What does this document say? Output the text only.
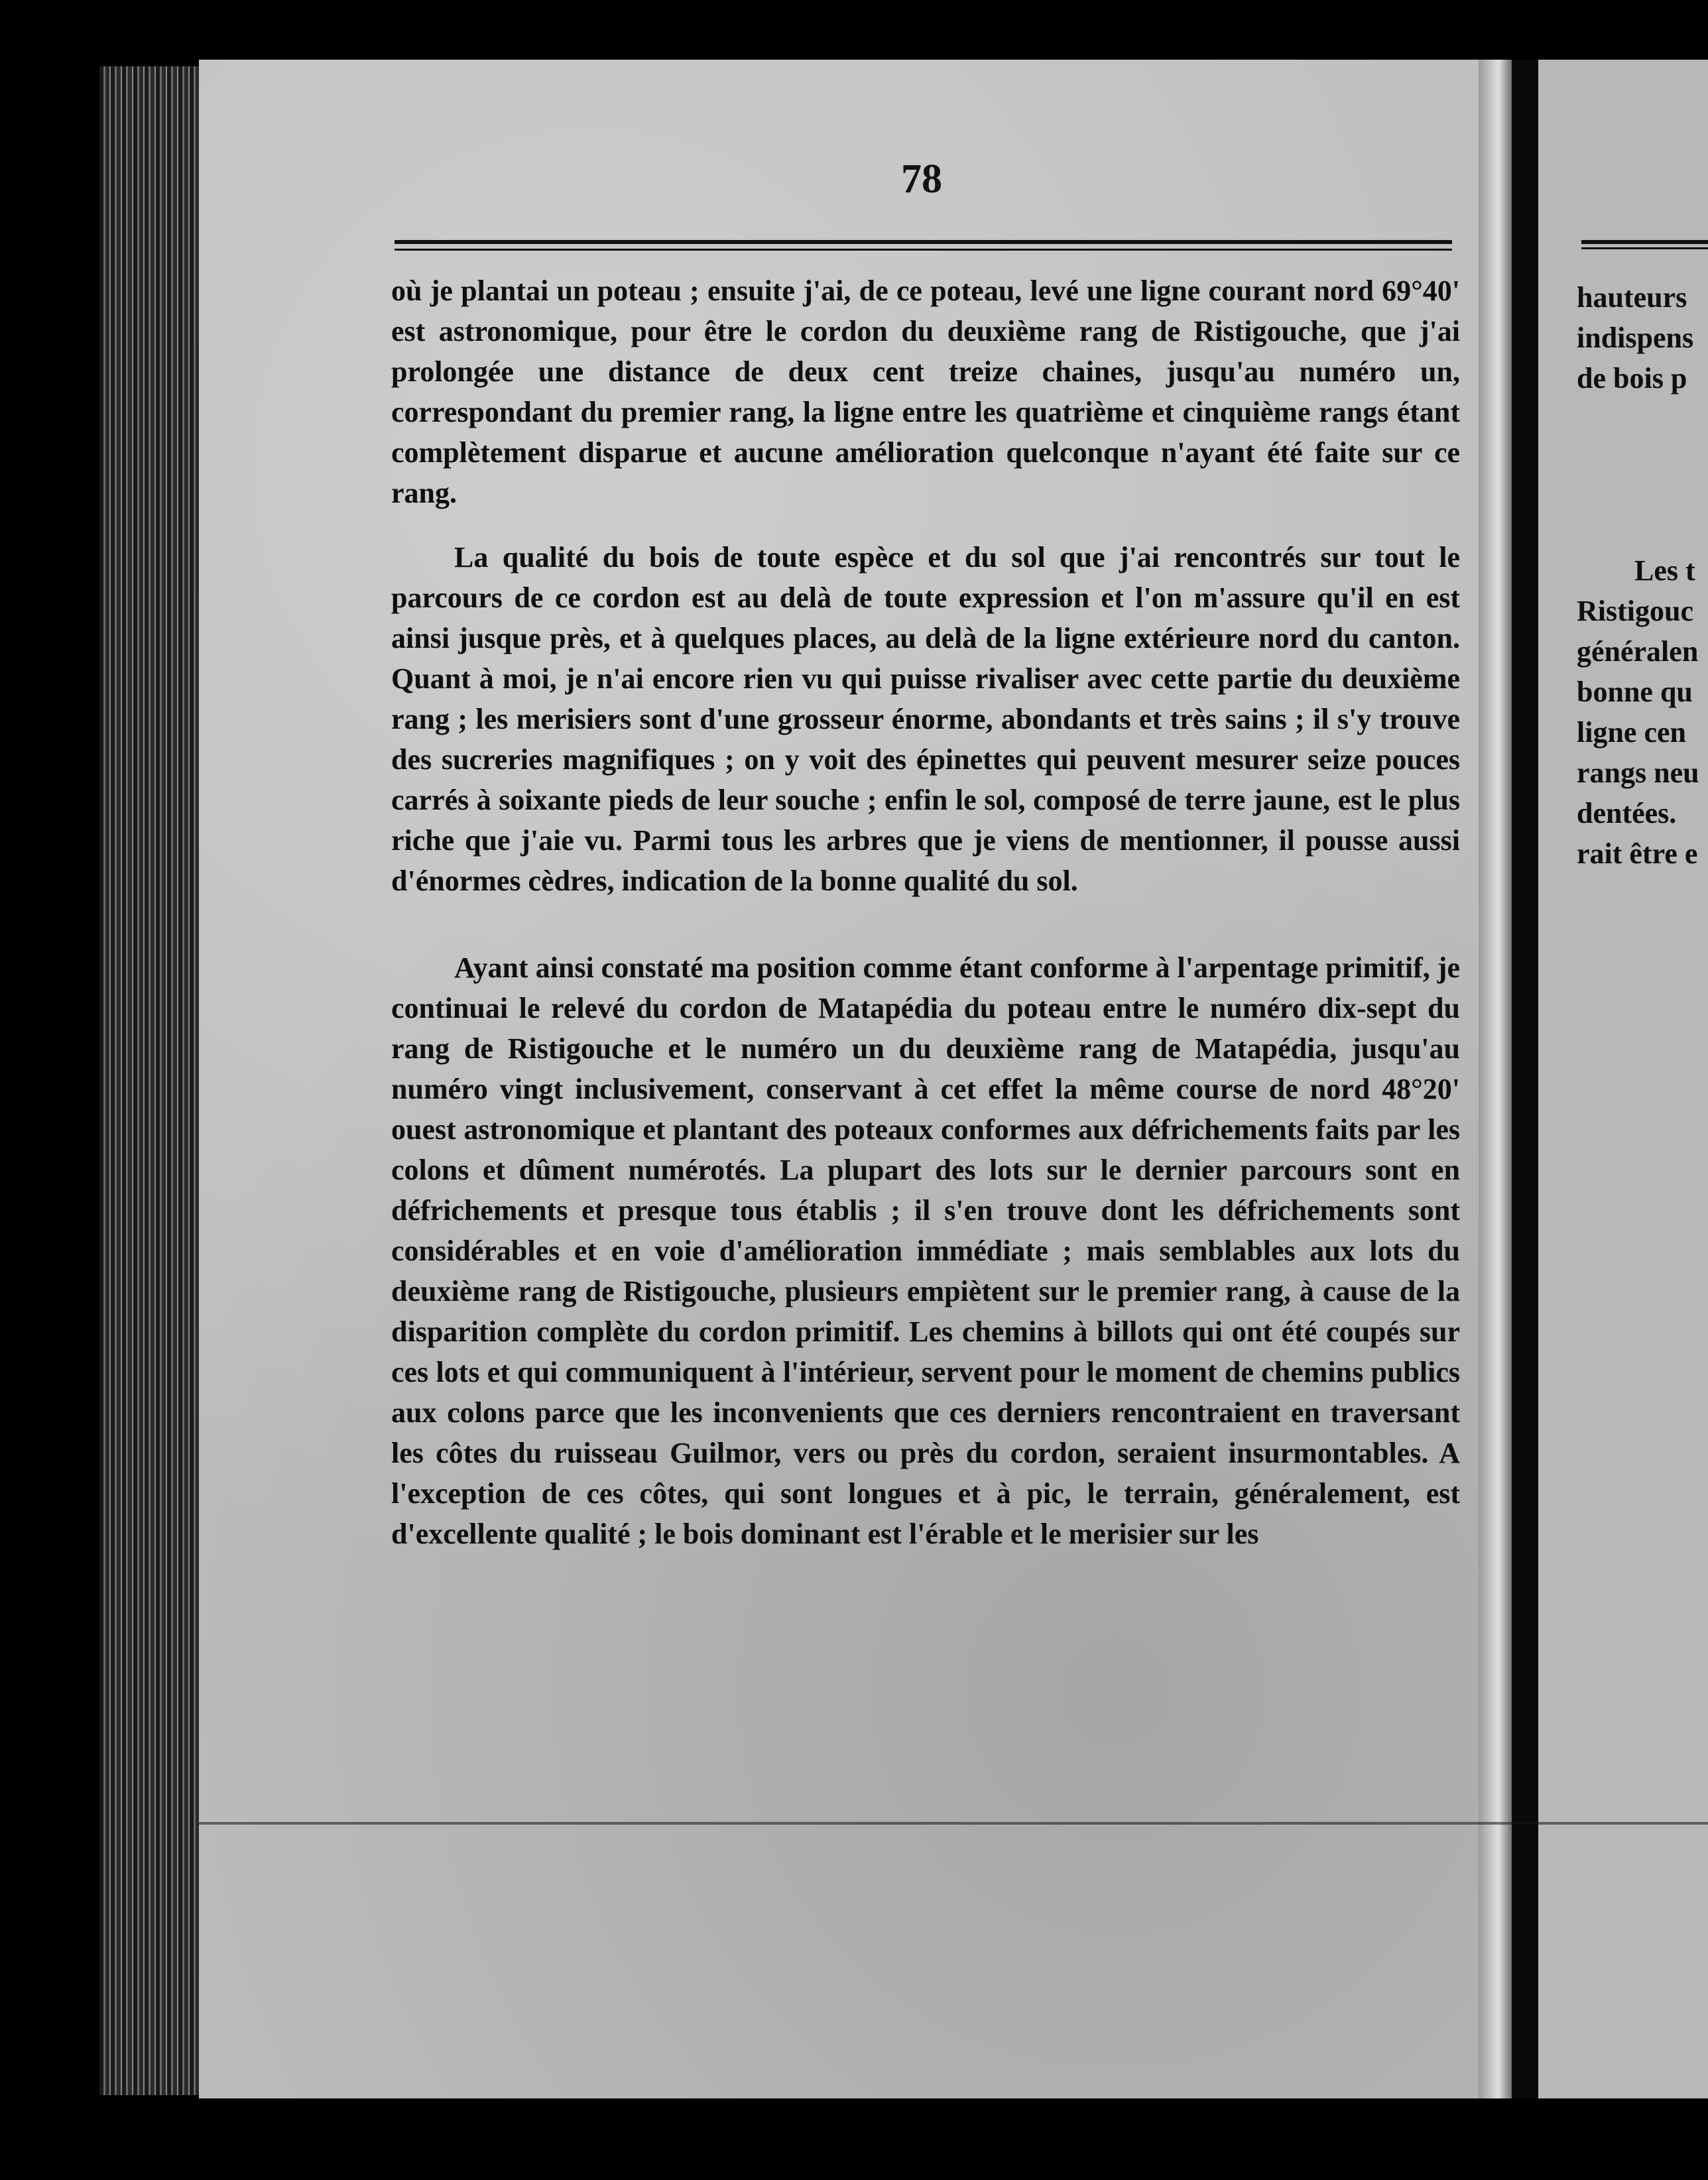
78

où je plantai un poteau ; ensuite j'ai, de ce poteau, levé une ligne courant nord 69°40' est astronomique, pour être le cordon du deuxième rang de Ristigouche, que j'ai prolongée une distance de deux cent treize chaines, jusqu'au numéro un, correspondant du premier rang, la ligne entre les quatrième et cinquième rangs étant complètement disparue et aucune amélioration quelconque n'ayant été faite sur ce rang.

La qualité du bois de toute espèce et du sol que j'ai rencontrés sur tout le parcours de ce cordon est au delà de toute expression et l'on m'assure qu'il en est ainsi jusque près, et à quelques places, au delà de la ligne extérieure nord du canton. Quant à moi, je n'ai encore rien vu qui puisse rivaliser avec cette partie du deuxième rang ; les merisiers sont d'une grosseur énorme, abondants et très sains ; il s'y trouve des sucreries magnifiques ; on y voit des épinettes qui peuvent mesurer seize pouces carrés à soixante pieds de leur souche ; enfin le sol, composé de terre jaune, est le plus riche que j'aie vu. Parmi tous les arbres que je viens de mentionner, il pousse aussi d'énormes cèdres, indication de la bonne qualité du sol.

Ayant ainsi constaté ma position comme étant conforme à l'arpentage primitif, je continuai le relevé du cordon de Matapédia du poteau entre le numéro dix-sept du rang de Ristigouche et le numéro un du deuxième rang de Matapédia, jusqu'au numéro vingt inclusivement, conservant à cet effet la même course de nord 48°20' ouest astronomique et plantant des poteaux conformes aux défrichements faits par les colons et dûment numérotés. La plupart des lots sur le dernier parcours sont en défrichements et presque tous établis ; il s'en trouve dont les défrichements sont considérables et en voie d'amélioration immédiate ; mais semblables aux lots du deuxième rang de Ristigouche, plusieurs empiètent sur le premier rang, à cause de la disparition complète du cordon primitif. Les chemins à billots qui ont été coupés sur ces lots et qui communiquent à l'intérieur, servent pour le moment de chemins publics aux colons parce que les inconvenients que ces derniers rencontraient en traversant les côtes du ruisseau Guilmor, vers ou près du cordon, seraient insurmontables. A l'exception de ces côtes, qui sont longues et à pic, le terrain, généralement, est d'excellente qualité ; le bois dominant est l'érable et le merisier sur les

hauteurs

indispens

de bois p

Les t

Ristigouc

généralen

bonne qu

ligne cen

rangs neu

dentées.

rait être e
